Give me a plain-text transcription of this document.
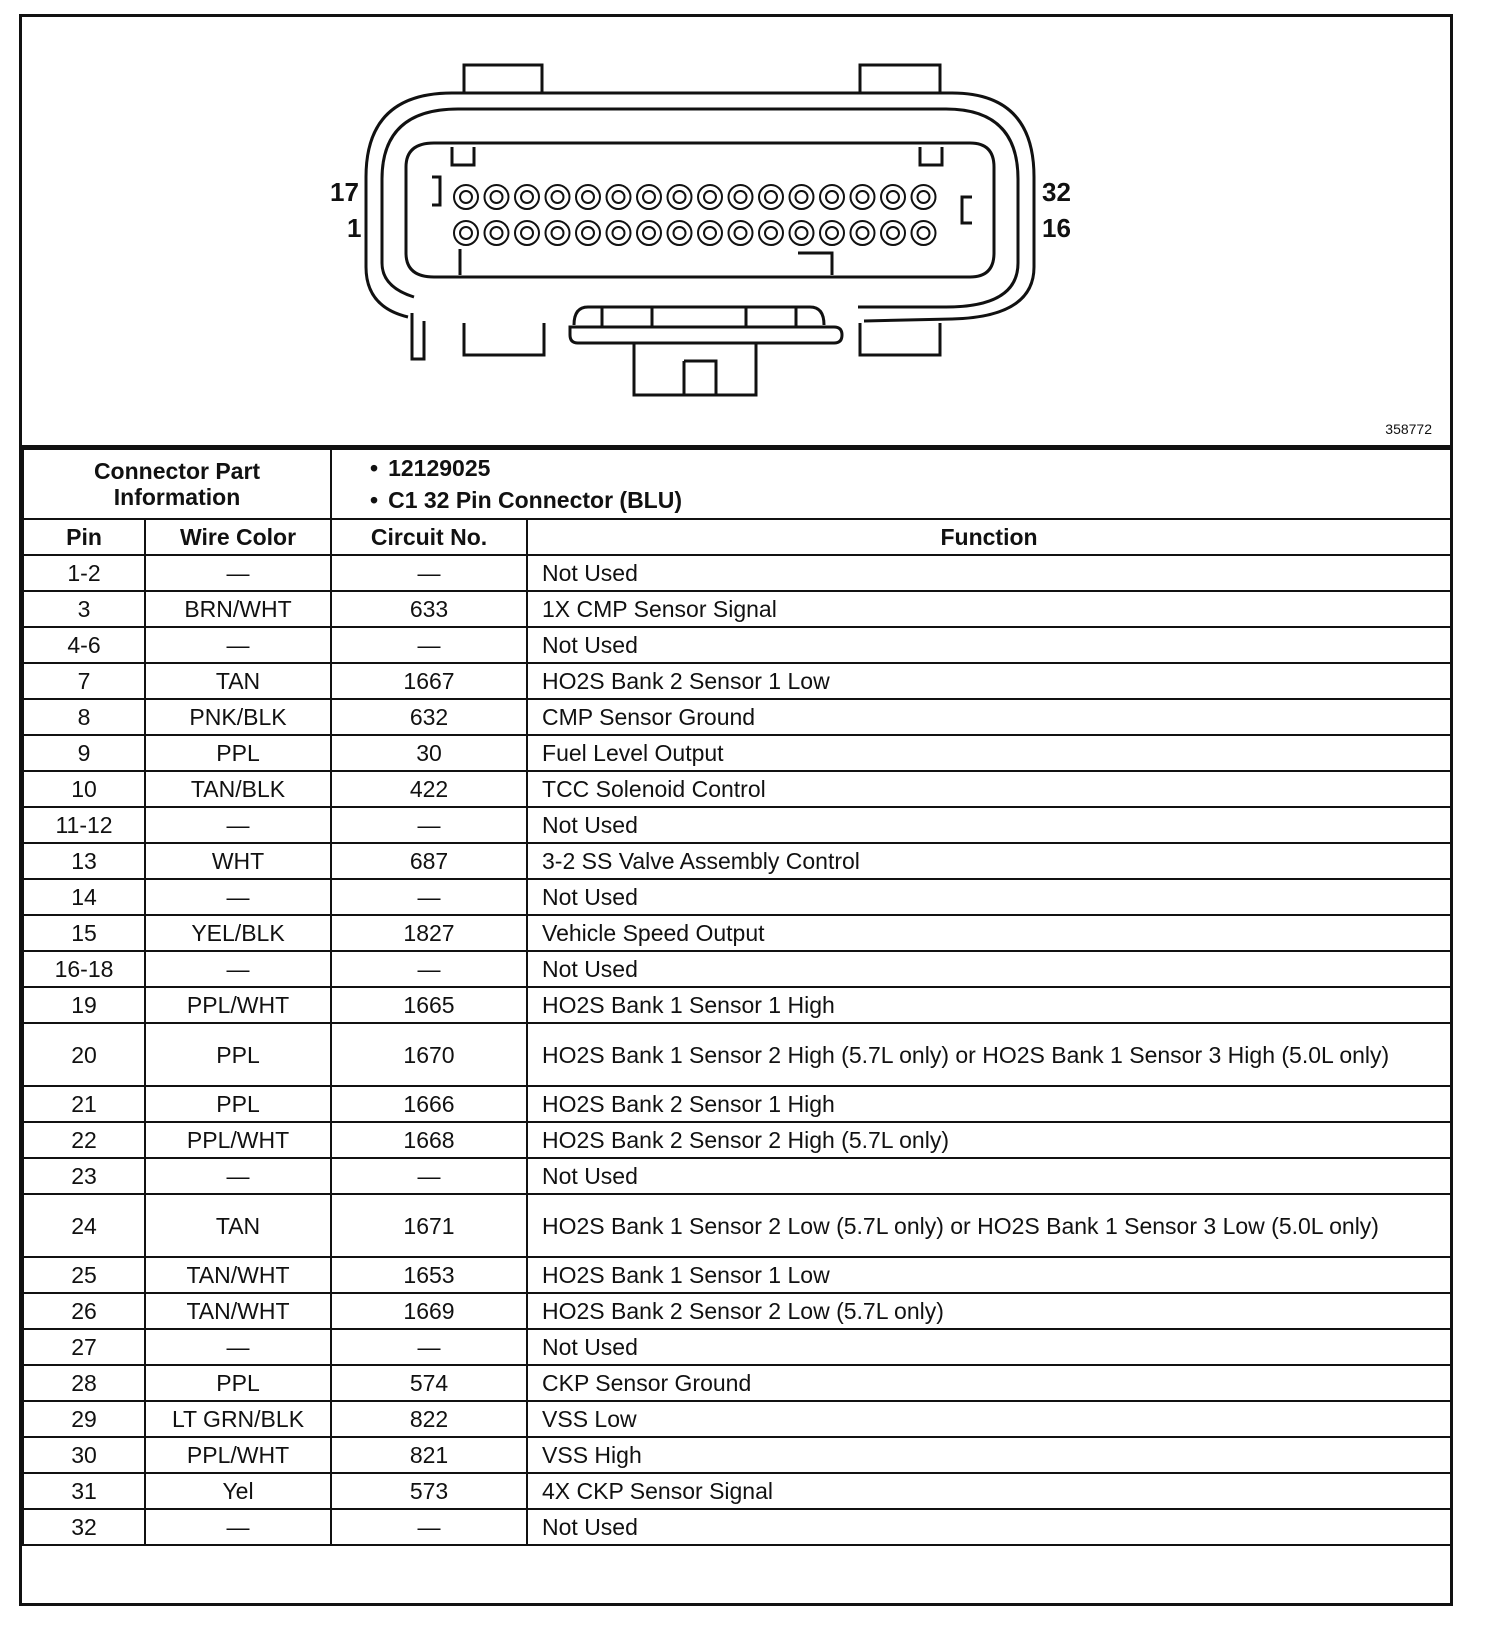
17
1
32
16
358772
Connector Part Information		• 12129025
• C1 32 Pin Connector (BLU)

Pin	Wire Color	Circuit No.	Function
1-2	—	—	Not Used
3	BRN/WHT	633	1X CMP Sensor Signal
4-6	—	—	Not Used
7	TAN	1667	HO2S Bank 2 Sensor 1 Low
8	PNK/BLK	632	CMP Sensor Ground
9	PPL	30	Fuel Level Output
10	TAN/BLK	422	TCC Solenoid Control
11-12	—	—	Not Used
13	WHT	687	3-2 SS Valve Assembly Control
14	—	—	Not Used
15	YEL/BLK	1827	Vehicle Speed Output
16-18	—	—	Not Used
19	PPL/WHT	1665	HO2S Bank 1 Sensor 1 High
20	PPL	1670	HO2S Bank 1 Sensor 2 High (5.7L only) or HO2S Bank 1 Sensor 3 High (5.0L only)
21	PPL	1666	HO2S Bank 2 Sensor 1 High
22	PPL/WHT	1668	HO2S Bank 2 Sensor 2 High (5.7L only)
23	—	—	Not Used
24	TAN	1671	HO2S Bank 1 Sensor 2 Low (5.7L only) or HO2S Bank 1 Sensor 3 Low (5.0L only)
25	TAN/WHT	1653	HO2S Bank 1 Sensor 1 Low
26	TAN/WHT	1669	HO2S Bank 2 Sensor 2 Low (5.7L only)
27	—	—	Not Used
28	PPL	574	CKP Sensor Ground
29	LT GRN/BLK	822	VSS Low
30	PPL/WHT	821	VSS High
31	Yel	573	4X CKP Sensor Signal
32	—	—	Not Used
